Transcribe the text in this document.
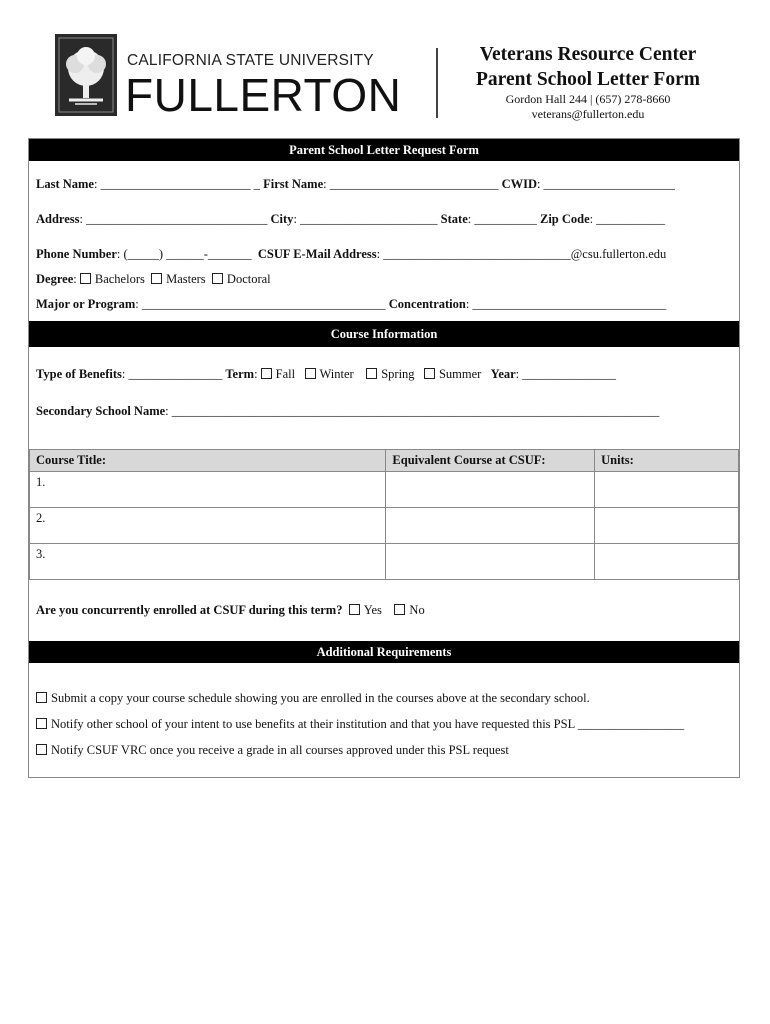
CALIFORNIA STATE UNIVERSITY
FULLERTON
Veterans Resource Center
Parent School Letter Form
Gordon Hall 244 | (657) 278-8660
veterans@fullerton.edu
Parent School Letter Request Form
Last Name: ________________________ _ First Name: ___________________________ CWID: _____________________
Address: _____________________________ City: ______________________ State: __________ Zip Code: ___________
Phone Number: (_____) ______-_______ CSUF E-Mail Address: ______________________________@csu.fullerton.edu
Degree: Bachelors Masters Doctoral
Major or Program: _______________________________________ Concentration: _______________________________
Course Information
Type of Benefits: _______________ Term: Fall Winter Spring Summer Year: _______________
Secondary School Name: ______________________________________________________________________________
Course Title:	Equivalent Course at CSUF:	Units:
1.		
2.		
3.		
Are you concurrently enrolled at CSUF during this term? Yes No
Additional Requirements
Submit a copy your course schedule showing you are enrolled in the courses above at the secondary school.
Notify other school of your intent to use benefits at their institution and that you have requested this PSL _________________
Notify CSUF VRC once you receive a grade in all courses approved under this PSL request
